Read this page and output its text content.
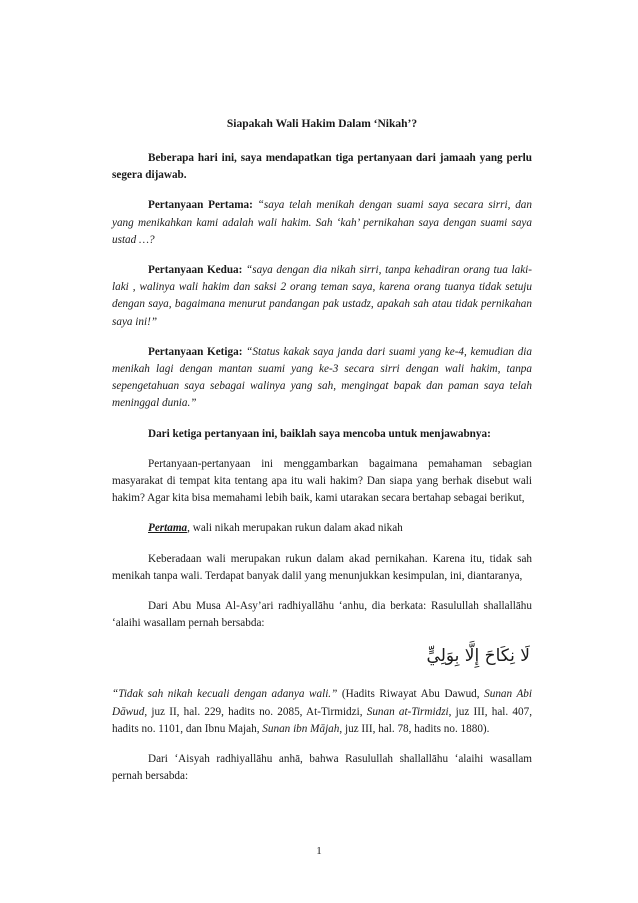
Siapakah Wali Hakim Dalam ‘Nikah’?

Beberapa hari ini, saya mendapatkan tiga pertanyaan dari jamaah yang perlu segera dijawab.

Pertanyaan Pertama: “saya telah menikah dengan suami saya secara sirri, dan yang menikahkan kami adalah wali hakim. Sah ‘kah’ pernikahan saya dengan suami saya ustad …?

Pertanyaan Kedua: “saya dengan dia nikah sirri, tanpa kehadiran orang tua laki-laki , walinya wali hakim dan saksi 2 orang teman saya, karena orang tuanya tidak setuju dengan saya, bagaimana menurut pandangan pak ustadz, apakah sah atau tidak pernikahan saya ini!”

Pertanyaan Ketiga: “Status kakak saya janda dari suami yang ke-4, kemudian dia menikah lagi dengan mantan suami yang ke-3 secara sirri dengan wali hakim, tanpa sepengetahuan saya sebagai walinya yang sah, mengingat bapak dan paman saya telah meninggal dunia.”

Dari ketiga pertanyaan ini, baiklah saya mencoba untuk menjawabnya:

Pertanyaan-pertanyaan ini menggambarkan bagaimana pemahaman sebagian masyarakat di tempat kita tentang apa itu wali hakim? Dan siapa yang berhak disebut wali hakim? Agar kita bisa memahami lebih baik, kami utarakan secara bertahap sebagai berikut,

Pertama, wali nikah merupakan rukun dalam akad nikah

Keberadaan wali merupakan rukun dalam akad pernikahan. Karena itu, tidak sah menikah tanpa wali. Terdapat banyak dalil yang menunjukkan kesimpulan, ini, diantaranya,

Dari Abu Musa Al-Asy’ari radhiyallāhu ‘anhu, dia berkata: Rasulullah shallallāhu ‘alaihi wasallam pernah bersabda:

لَا نِكَاحَ إِلَّا بِوَلِيٍّ

“Tidak sah nikah kecuali dengan adanya wali.” (Hadits Riwayat Abu Dawud, Sunan Abi Dāwud, juz II, hal. 229, hadits no. 2085, At-Tirmidzi, Sunan at-Tirmidzi, juz III, hal. 407, hadits no. 1101, dan Ibnu Majah, Sunan ibn Mājah, juz III, hal. 78, hadits no. 1880).

Dari ‘Aisyah radhiyallāhu anhā, bahwa Rasulullah shallallāhu ‘alaihi wasallam pernah bersabda:

1
